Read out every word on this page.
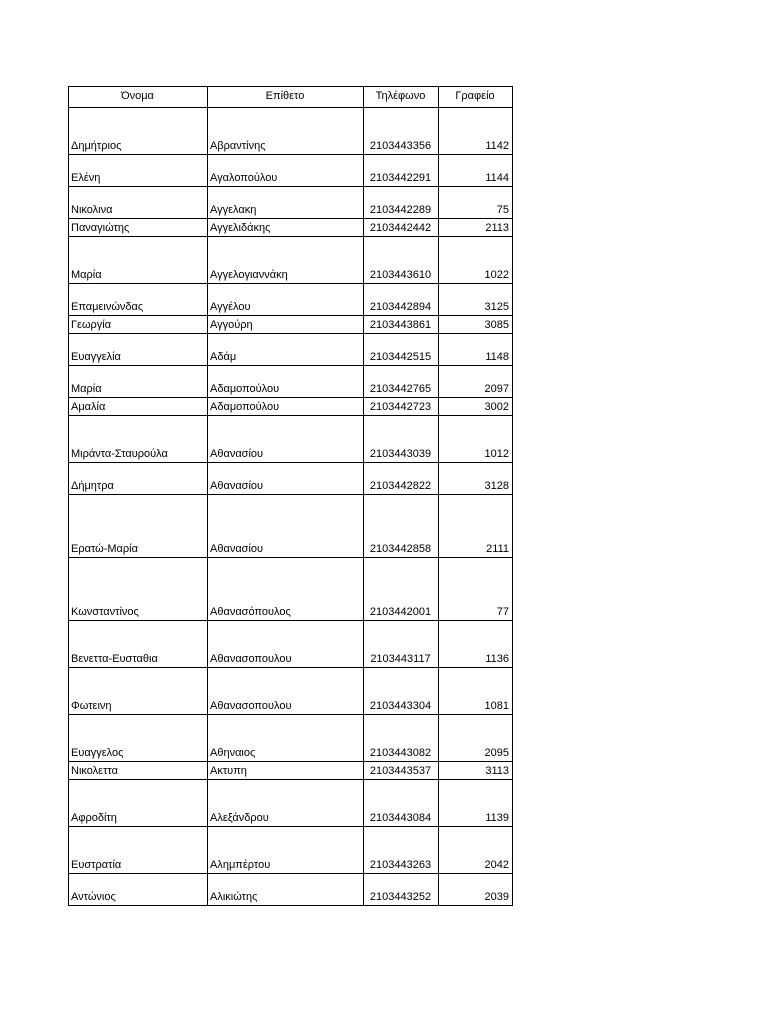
Όνομα	Επίθετο	Τηλέφωνο	Γραφείο
Δημήτριος	Αβραντίνης	2103443356	1142
Ελένη	Αγαλοπούλου	2103442291	1144
Νικολινα	Αγγελακη	2103442289	75
Παναγιώτης	Αγγελιδάκης	2103442442	2113
Μαρία	Αγγελογιαννάκη	2103443610	1022
Επαμεινώνδας	Αγγέλου	2103442894	3125
Γεωργία	Αγγούρη	2103443861	3085
Ευαγγελία	Αδάμ	2103442515	1148
Μαρία	Αδαμοπούλου	2103442765	2097
Αμαλία	Αδαμοπούλου	2103442723	3002
Μιράντα-Σταυρούλα	Αθανασίου	2103443039	1012
Δήμητρα	Αθανασίου	2103442822	3128
Ερατώ-Μαρία	Αθανασίου	2103442858	2111
Κωνσταντίνος	Αθανασόπουλος	2103442001	77
Βενεττα-Ευσταθια	Αθανασοπουλου	2103443117	1136
Φωτεινη	Αθανασοπουλου	2103443304	1081
Ευαγγελος	Αθηναιος	2103443082	2095
Νικολεττα	Ακτυπη	2103443537	3113
Αφροδίτη	Αλεξάνδρου	2103443084	1139
Ευστρατία	Αλημπέρτου	2103443263	2042
Αντώνιος	Αλικιώτης	2103443252	2039
